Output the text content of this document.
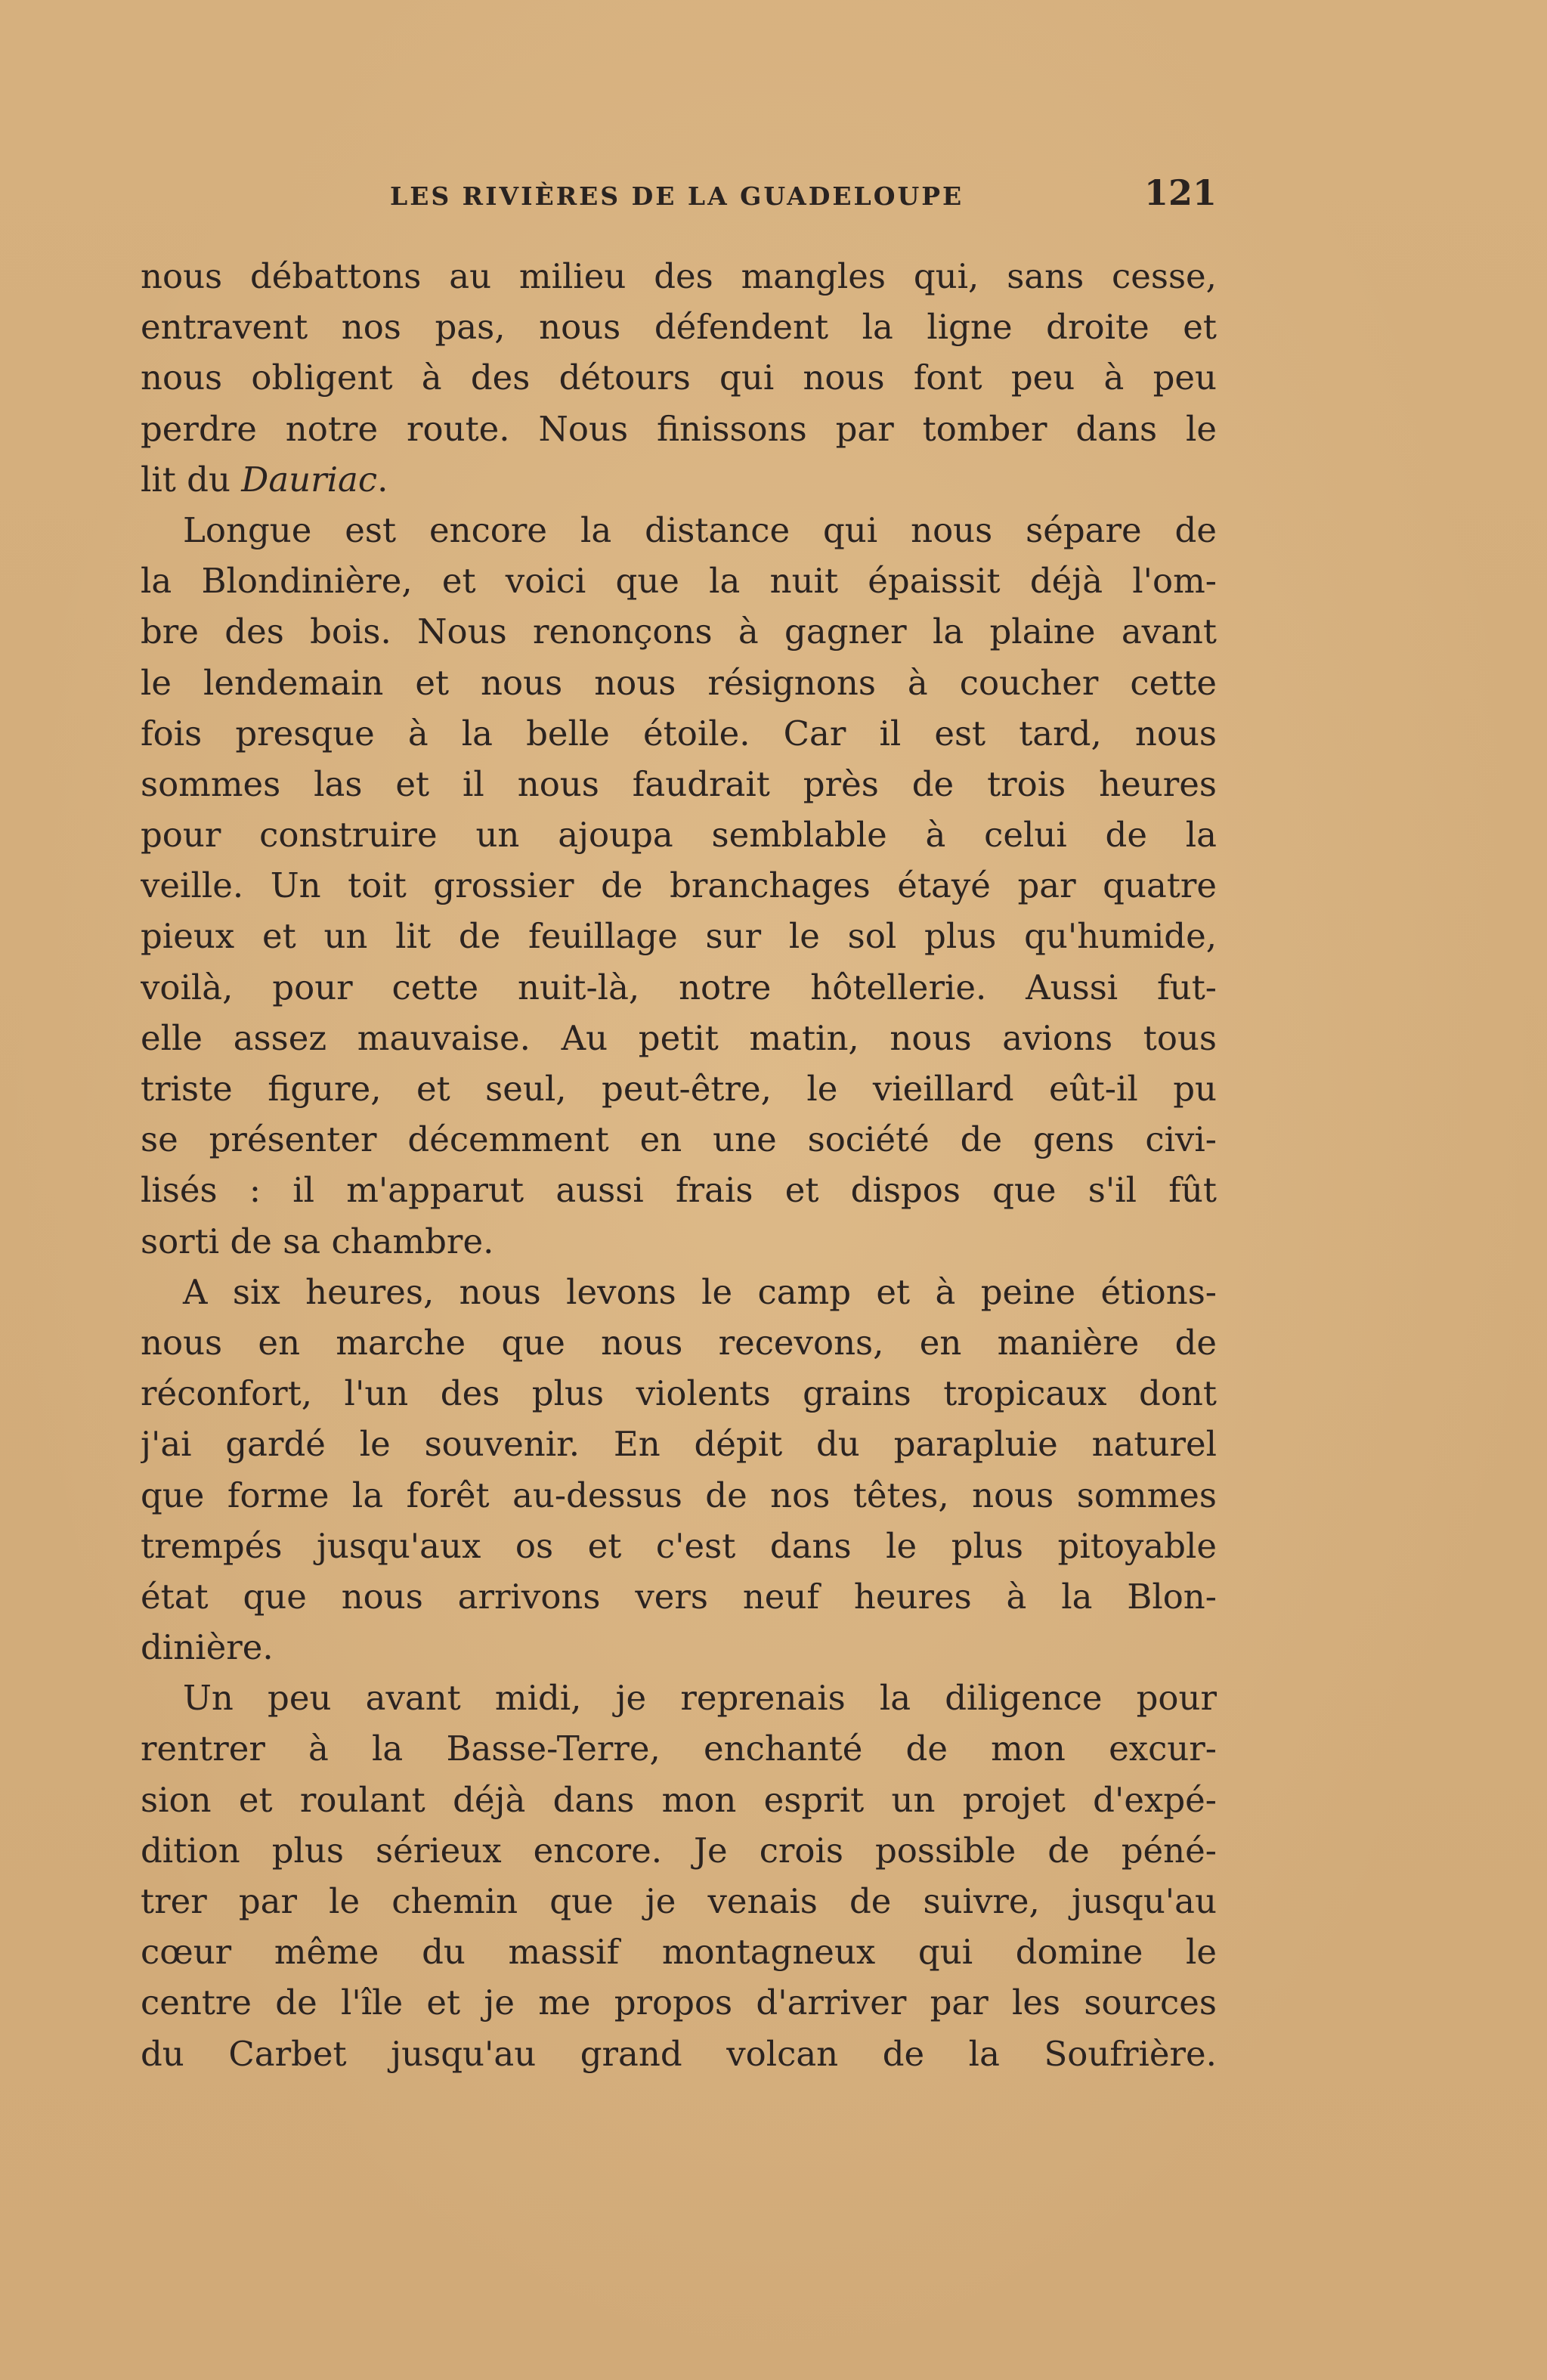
LES RIVIÈRES DE LA GUADELOUPE	121
nous débattons au milieu des mangles qui, sans cesse,
entravent nos pas, nous défendent la ligne droite et
nous obligent à des détours qui nous font peu à peu
perdre notre route. Nous finissons par tomber dans le
lit du Dauriac.
Longue est encore la distance qui nous sépare de
la Blondinière, et voici que la nuit épaissit déjà l'om-
bre des bois. Nous renonçons à gagner la plaine avant
le lendemain et nous nous résignons à coucher cette
fois presque à la belle étoile. Car il est tard, nous
sommes las et il nous faudrait près de trois heures
pour construire un ajoupa semblable à celui de la
veille. Un toit grossier de branchages étayé par quatre
pieux et un lit de feuillage sur le sol plus qu'humide,
voilà, pour cette nuit-là, notre hôtellerie. Aussi fut-
elle assez mauvaise. Au petit matin, nous avions tous
triste figure, et seul, peut-être, le vieillard eût-il pu
se présenter décemment en une société de gens civi-
lisés : il m'apparut aussi frais et dispos que s'il fût
sorti de sa chambre.
A six heures, nous levons le camp et à peine étions-
nous en marche que nous recevons, en manière de
réconfort, l'un des plus violents grains tropicaux dont
j'ai gardé le souvenir. En dépit du parapluie naturel
que forme la forêt au-dessus de nos têtes, nous sommes
trempés jusqu'aux os et c'est dans le plus pitoyable
état que nous arrivons vers neuf heures à la Blon-
dinière.
Un peu avant midi, je reprenais la diligence pour
rentrer à la Basse-Terre, enchanté de mon excur-
sion et roulant déjà dans mon esprit un projet d'expé-
dition plus sérieux encore. Je crois possible de péné-
trer par le chemin que je venais de suivre, jusqu'au
cœur même du massif montagneux qui domine le
centre de l'île et je me propos d'arriver par les sources
du Carbet jusqu'au grand volcan de la Soufrière.
